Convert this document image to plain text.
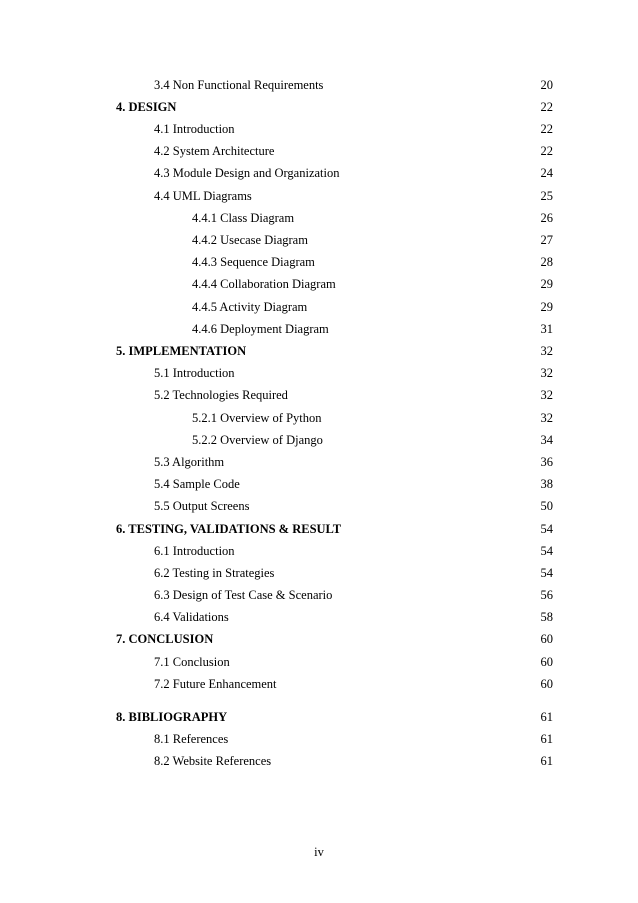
3.4 Non Functional Requirements	20
4. DESIGN	22
4.1 Introduction	22
4.2 System Architecture	22
4.3 Module Design and Organization	24
4.4 UML Diagrams	25
4.4.1 Class Diagram	26
4.4.2 Usecase Diagram	27
4.4.3 Sequence Diagram	28
4.4.4 Collaboration Diagram	29
4.4.5 Activity Diagram	29
4.4.6 Deployment Diagram	31
5. IMPLEMENTATION	32
5.1 Introduction	32
5.2 Technologies Required	32
5.2.1 Overview of Python	32
5.2.2 Overview of Django	34
5.3 Algorithm	36
5.4 Sample Code	38
5.5 Output Screens	50
6. TESTING, VALIDATIONS & RESULT	54
6.1 Introduction	54
6.2 Testing in Strategies	54
6.3 Design of Test Case & Scenario	56
6.4 Validations	58
7. CONCLUSION	60
7.1 Conclusion	60
7.2 Future Enhancement	60
8. BIBLIOGRAPHY	61
8.1 References	61
8.2 Website References	61
iv
